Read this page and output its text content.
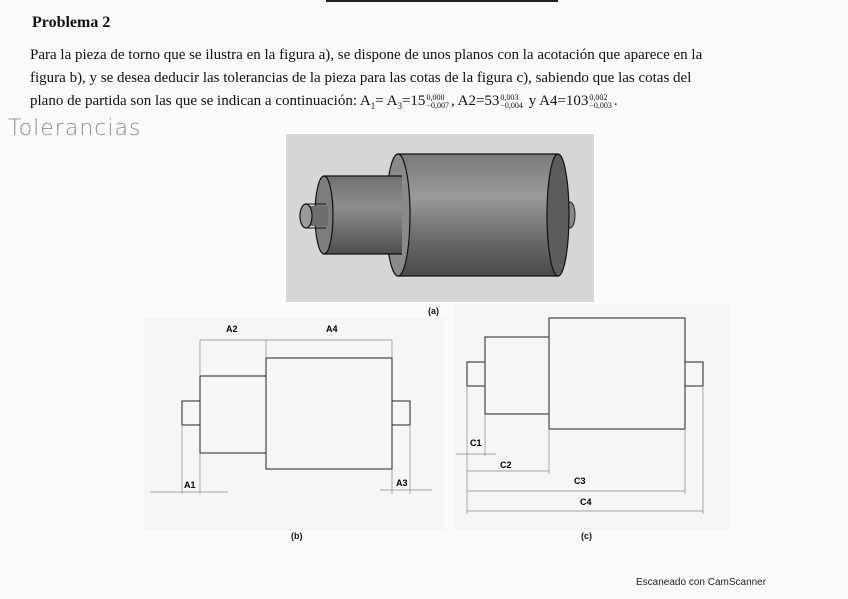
Problema 2
Para la pieza de torno que se ilustra en la figura a), se dispone de unos planos con la acotación que aparece en la
figura b), y se desea deducir las tolerancias de la pieza para las cotas de la figura c), sabiendo que las cotas del
plano de partida son las que se indican a continuación: $A_1= A_3=15$ 0,000
−0,007 , A2=53 0,003
−0,004 y A4=103 0,002
−0,003 .
Tolerancias
(a)
A2	A4
A1	A3
(b)
C1
C2
C3
C4
(c)
Escaneado con CamScanner
